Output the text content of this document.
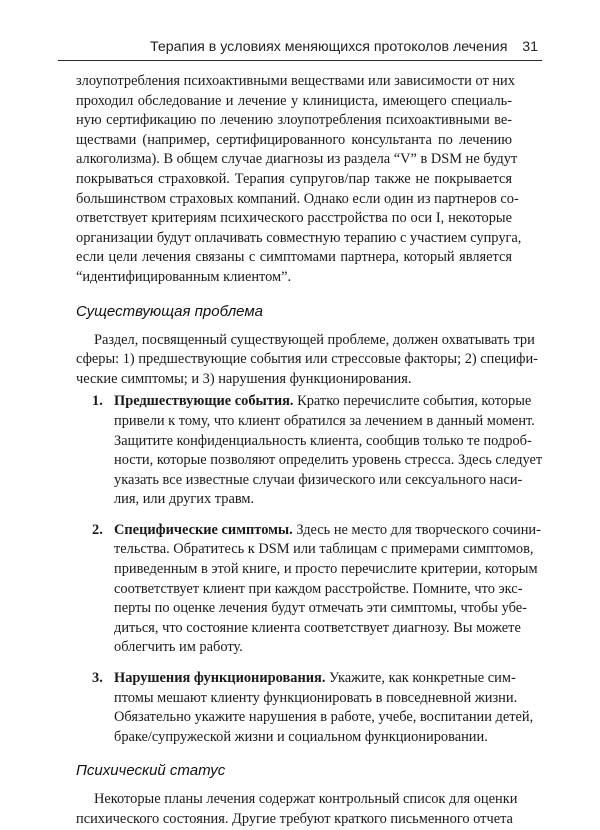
Терапия в условиях меняющихся протоколов лечения 31
злоупотребления психоактивными веществами или зависимости от них
проходил обследование и лечение у клинициста, имеющего специаль-
ную сертификацию по лечению злоупотребления психоактивными ве-
ществами (например, сертифицированного консультанта по лечению
алкоголизма). В общем случае диагнозы из раздела “V” в DSM не будут
покрываться страховкой. Терапия супругов/пар также не покрывается
большинством страховых компаний. Однако если один из партнеров со-
ответствует критериям психического расстройства по оси I, некоторые
организации будут оплачивать совместную терапию с участием супруга,
если цели лечения связаны с симптомами партнера, который является
“идентифицированным клиентом”.
Существующая проблема
Раздел, посвященный существующей проблеме, должен охватывать три
сферы: 1) предшествующие события или стрессовые факторы; 2) специфи-
ческие симптомы; и 3) нарушения функционирования.
1. Предшествующие события. Кратко перечислите события, которые
привели к тому, что клиент обратился за лечением в данный момент.
Защитите конфиденциальность клиента, сообщив только те подроб-
ности, которые позволяют определить уровень стресса. Здесь следует
указать все известные случаи физического или сексуального наси-
лия, или других травм.
2. Специфические симптомы. Здесь не место для творческого сочини-
тельства. Обратитесь к DSM или таблицам с примерами симптомов,
приведенным в этой книге, и просто перечислите критерии, которым
соответствует клиент при каждом расстройстве. Помните, что экс-
перты по оценке лечения будут отмечать эти симптомы, чтобы убе-
диться, что состояние клиента соответствует диагнозу. Вы можете
облегчить им работу.
3. Нарушения функционирования. Укажите, как конкретные сим-
птомы мешают клиенту функционировать в повседневной жизни.
Обязательно укажите нарушения в работе, учебе, воспитании детей,
браке/супружеской жизни и социальном функционировании.
Психический статус
Некоторые планы лечения содержат контрольный список для оценки
психического состояния. Другие требуют краткого письменного отчета
